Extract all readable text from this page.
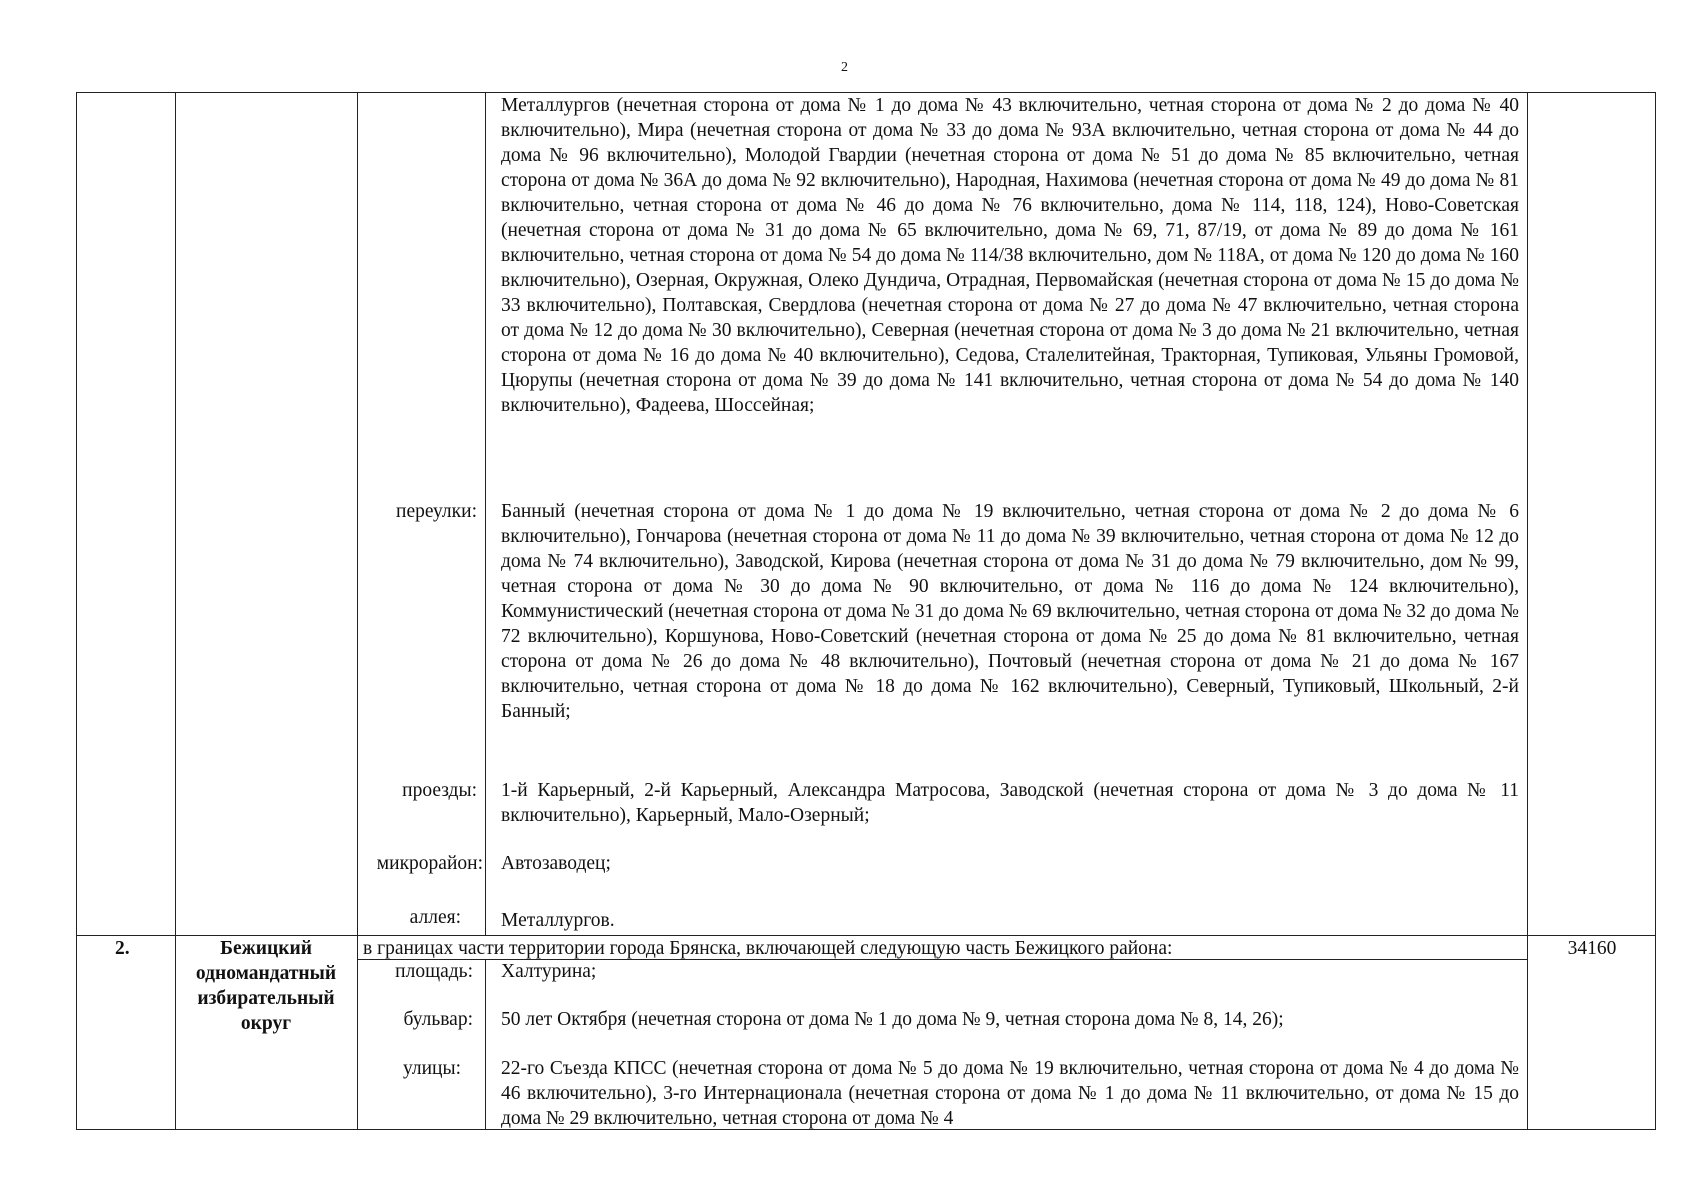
2
Металлургов (нечетная сторона от дома № 1 до дома № 43 включительно, четная сторона от дома № 2 до дома № 40 включительно), Мира (нечетная сторона от дома № 33 до дома № 93А включительно, четная сторона от дома № 44 до дома № 96 включительно), Молодой Гвардии (нечетная сторона от дома № 51 до дома № 85 включительно, четная сторона от дома № 36А до дома № 92 включительно), Народная, Нахимова (нечетная сторона от дома № 49 до дома № 81 включительно, четная сторона от дома № 46 до дома № 76 включительно, дома № 114, 118, 124), Ново-Советская (нечетная сторона от дома № 31 до дома № 65 включительно, дома № 69, 71, 87/19, от дома № 89 до дома № 161 включительно, четная сторона от дома № 54 до дома № 114/38 включительно, дом № 118А, от дома № 120 до дома № 160 включительно), Озерная, Окружная, Олеко Дундича, Отрадная, Первомайская (нечетная сторона от дома № 15 до дома № 33 включительно), Полтавская, Свердлова (нечетная сторона от дома № 27 до дома № 47 включительно, четная сторона от дома № 12 до дома № 30 включительно), Северная (нечетная сторона от дома № 3 до дома № 21 включительно, четная сторона от дома № 16 до дома № 40 включительно), Седова, Сталелитейная, Тракторная, Тупиковая, Ульяны Громовой, Цюрупы (нечетная сторона от дома № 39 до дома № 141 включительно, четная сторона от дома № 54 до дома № 140 включительно), Фадеева, Шоссейная;
переулки: Банный (нечетная сторона от дома № 1 до дома № 19 включительно, четная сторона от дома № 2 до дома № 6 включительно), Гончарова (нечетная сторона от дома № 11 до дома № 39 включительно, четная сторона от дома № 12 до дома № 74 включительно), Заводской, Кирова (нечетная сторона от дома № 31 до дома № 79 включительно, дом № 99, четная сторона от дома № 30 до дома № 90 включительно, от дома № 116 до дома № 124 включительно), Коммунистический (нечетная сторона от дома № 31 до дома № 69 включительно, четная сторона от дома № 32 до дома № 72 включительно), Коршунова, Ново-Советский (нечетная сторона от дома № 25 до дома № 81 включительно, четная сторона от дома № 26 до дома № 48 включительно), Почтовый (нечетная сторона от дома № 21 до дома № 167 включительно, четная сторона от дома № 18 до дома № 162 включительно), Северный, Тупиковый, Школьный, 2-й Банный;
проезды: 1-й Карьерный, 2-й Карьерный, Александра Матросова, Заводской (нечетная сторона от дома № 3 до дома № 11 включительно), Карьерный, Мало-Озерный;
микрорайон: Автозаводец;
аллея: Металлургов.
2.	Бежицкий одномандатный избирательный округ
в границах части территории города Брянска, включающей следующую часть Бежицкого района:	34160
площадь: Халтурина;
бульвар: 50 лет Октября (нечетная сторона от дома № 1 до дома № 9, четная сторона дома № 8, 14, 26);
улицы: 22-го Съезда КПСС (нечетная сторона от дома № 5 до дома № 19 включительно, четная сторона от дома № 4 до дома № 46 включительно), 3-го Интернационала (нечетная сторона от дома № 1 до дома № 11 включительно, от дома № 15 до дома № 29 включительно, четная сторона от дома № 4
